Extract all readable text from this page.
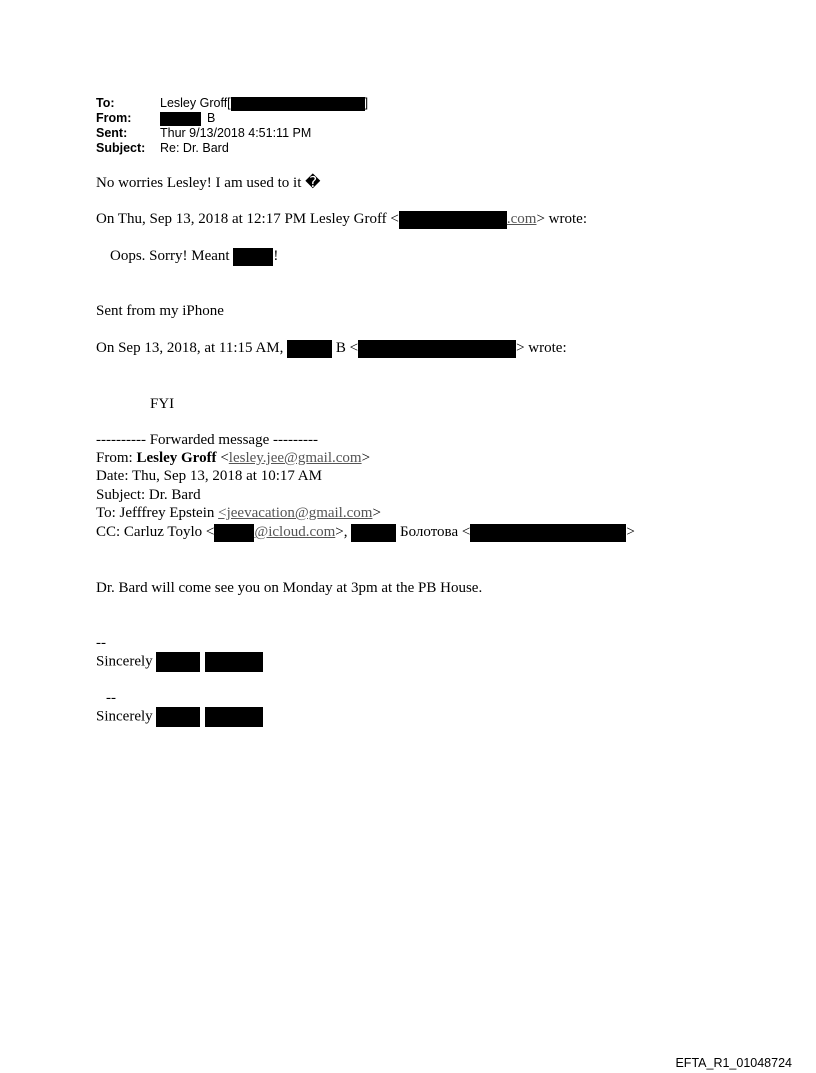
To:	Lesley Groff[	]
From:	B
Sent:	Thur 9/13/2018 4:51:11 PM
Subject:	Re: Dr. Bard
No worries Lesley! I am used to it �
On Thu, Sep 13, 2018 at 12:17 PM Lesley Groff <	.com> wrote:
Oops. Sorry! Meant	!
Sent from my iPhone
On Sep 13, 2018, at 11:15 AM,	B <	> wrote:
FYI
---------- Forwarded message ---------
From: Lesley Groff <lesley.jee@gmail.com>
Date: Thu, Sep 13, 2018 at 10:17 AM
Subject: Dr. Bard
To: Jefffrey Epstein <jeevacation@gmail.com>
CC: Carluz Toylo <	@icloud.com>,	Болотова <	>
Dr. Bard will come see you on Monday at 3pm at the PB House.
--
Sincerely
--
Sincerely
EFTA_R1_01048724
